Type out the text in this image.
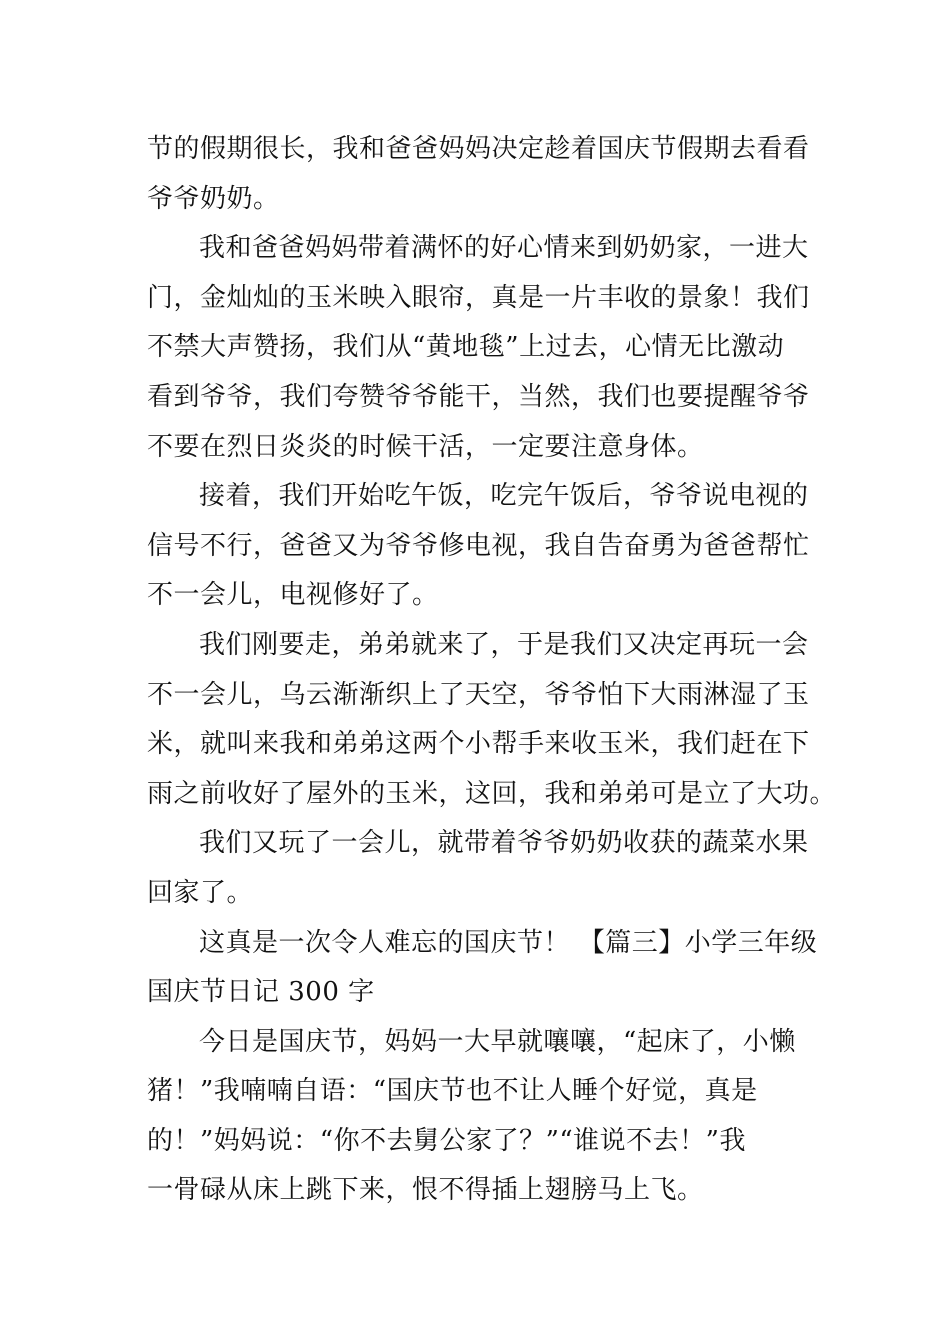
节的假期很长，我和爸爸妈妈决定趁着国庆节假期去看看
爷爷奶奶。
我和爸爸妈妈带着满怀的好心情来到奶奶家，一进大
门，金灿灿的玉米映入眼帘，真是一片丰收的景象！我们
不禁大声赞扬，我们从“黄地毯”上过去，心情无比激动
看到爷爷，我们夸赞爷爷能干，当然，我们也要提醒爷爷
不要在烈日炎炎的时候干活，一定要注意身体。
接着，我们开始吃午饭，吃完午饭后，爷爷说电视的
信号不行，爸爸又为爷爷修电视，我自告奋勇为爸爸帮忙
不一会儿，电视修好了。
我们刚要走，弟弟就来了，于是我们又决定再玩一会
不一会儿，乌云渐渐织上了天空，爷爷怕下大雨淋湿了玉
米，就叫来我和弟弟这两个小帮手来收玉米，我们赶在下
雨之前收好了屋外的玉米，这回，我和弟弟可是立了大功。
我们又玩了一会儿，就带着爷爷奶奶收获的蔬菜水果
回家了。
这真是一次令人难忘的国庆节！ 【篇三】小学三年级
国庆节日记 300 字
今日是国庆节，妈妈一大早就嚷嚷，“起床了，小懒
猪！”我喃喃自语：“国庆节也不让人睡个好觉，真是
的！”妈妈说：“你不去舅公家了？”“谁说不去！”我
一骨碌从床上跳下来，恨不得插上翅膀马上飞。
